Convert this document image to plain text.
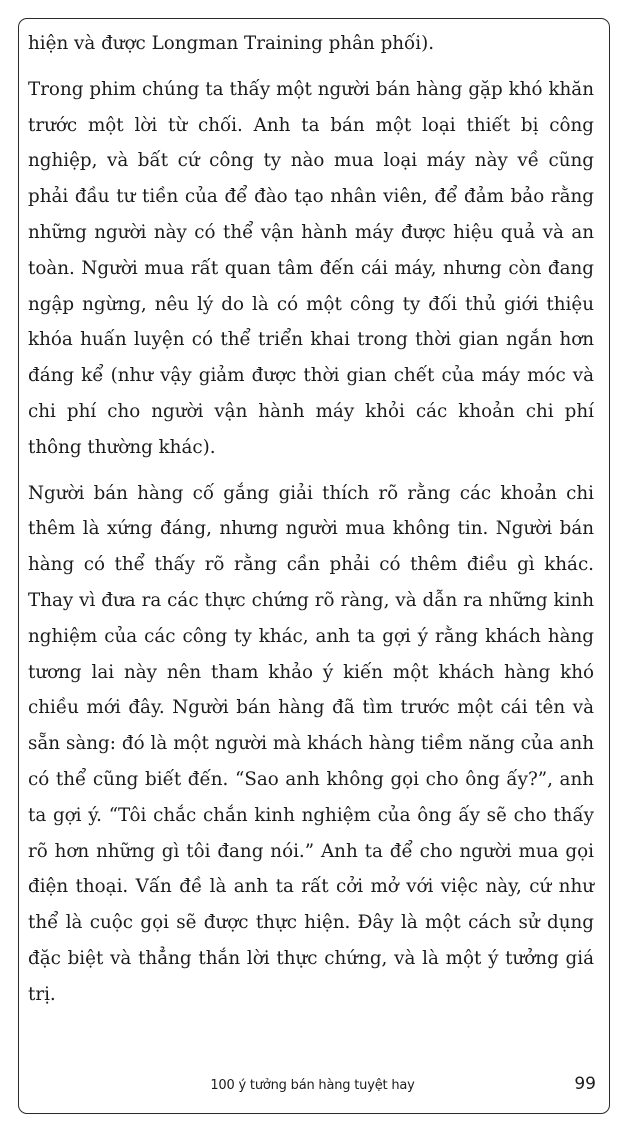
hiện và được Longman Training phân phối).

Trong phim chúng ta thấy một người bán hàng gặp khó khăn trước một lời từ chối. Anh ta bán một loại thiết bị công nghiệp, và bất cứ công ty nào mua loại máy này về cũng phải đầu tư tiền của để đào tạo nhân viên, để đảm bảo rằng những người này có thể vận hành máy được hiệu quả và an toàn. Người mua rất quan tâm đến cái máy, nhưng còn đang ngập ngừng, nêu lý do là có một công ty đối thủ giới thiệu khóa huấn luyện có thể triển khai trong thời gian ngắn hơn đáng kể (như vậy giảm được thời gian chết của máy móc và chi phí cho người vận hành máy khỏi các khoản chi phí thông thường khác).

Người bán hàng cố gắng giải thích rõ rằng các khoản chi thêm là xứng đáng, nhưng người mua không tin. Người bán hàng có thể thấy rõ rằng cần phải có thêm điều gì khác. Thay vì đưa ra các thực chứng rõ ràng, và dẫn ra những kinh nghiệm của các công ty khác, anh ta gợi ý rằng khách hàng tương lai này nên tham khảo ý kiến một khách hàng khó chiều mới đây. Người bán hàng đã tìm trước một cái tên và sẵn sàng: đó là một người mà khách hàng tiềm năng của anh có thể cũng biết đến. “Sao anh không gọi cho ông ấy?”, anh ta gợi ý. “Tôi chắc chắn kinh nghiệm của ông ấy sẽ cho thấy rõ hơn những gì tôi đang nói.” Anh ta để cho người mua gọi điện thoại. Vấn đề là anh ta rất cởi mở với việc này, cứ như thể là cuộc gọi sẽ được thực hiện. Đây là một cách sử dụng đặc biệt và thẳng thắn lời thực chứng, và là một ý tưởng giá trị.

100 ý tưởng bán hàng tuyệt hay	99
